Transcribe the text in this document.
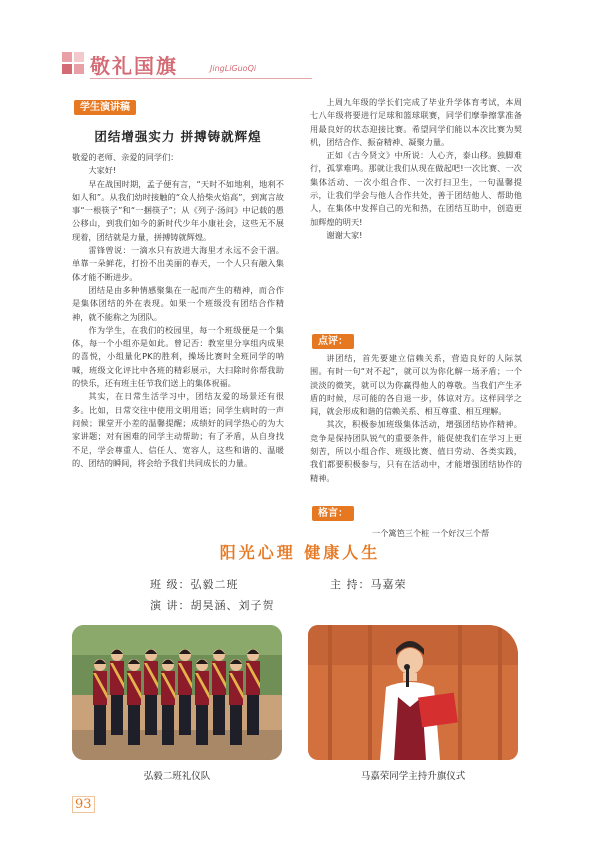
敬礼国旗	JingLiGuoQi
学生演讲稿
团结增强实力 拼搏铸就辉煌

敬爱的老师、亲爱的同学们：

大家好!

早在战国时期，孟子便有言，“天时不如地利，地利不如人和”。从我们幼时接触的“众人拾柴火焰高”，到寓言故事“一根筷子”和“一捆筷子”；从《列子·汤问》中记载的愚公移山，到我们如今的新时代少年小康社会，这些无不展现着，团结就是力量，拼搏铸就辉煌。

雷锋曾说：一滴水只有放进大海里才永远不会干涸。单靠一朵鲜花，打扮不出美丽的春天，一个人只有融入集体才能不断进步。

团结是由多种情感聚集在一起而产生的精神，而合作是集体团结的外在表现。如果一个班级没有团结合作精神，就不能称之为团队。

作为学生，在我们的校园里，每一个班级便是一个集体，每一个小组亦是如此。曾记否：教室里分享组内成果的喜悦，小组量化PK的胜利，操场比赛时全班同学的呐喊，班级文化评比中各班的精彩展示，大扫除时你帮我助的快乐，还有班主任节我们送上的集体祝福。

其实，在日常生活学习中，团结友爱的场景还有很多。比如，日常交往中使用文明用语；同学生病时的一声问候；课堂开小差的温馨提醒；成绩好的同学热心的为大家讲题；对有困难的同学主动帮助；有了矛盾，从自身找不足，学会尊重人、信任人、宽容人，这些和谐的、温暖的、团结的瞬间，将会给予我们共同成长的力量。

上周九年级的学长们完成了毕业升学体育考试，本周七八年级将要进行足球和篮球联赛，同学们摩拳擦掌准备用最良好的状态迎接比赛。希望同学们能以本次比赛为契机，团结合作、振奋精神、凝聚力量。

正如《古今贤文》中所说：人心齐，泰山移。独脚难行，孤掌难鸣。那就让我们从现在做起吧!一次比赛、一次集体活动、一次小组合作、一次打扫卫生，一句温馨提示，让我们学会与他人合作共处，善于团结他人、帮助他人，在集体中发挥自己的光和热，在团结互助中，创造更加辉煌的明天!

谢谢大家!

点评：

讲团结，首先要建立信赖关系，营造良好的人际氛围。有时一句“对不起”，就可以为你化解一场矛盾；一个淡淡的微笑，就可以为你赢得他人的尊敬。当我们产生矛盾的时候，尽可能的各自退一步，体谅对方。这样同学之间，就会形成和谐的信赖关系、相互尊重、相互理解。

其次，积极参加班级集体活动，增强团结协作精神。竞争是保持团队锐气的重要条件，能促使我们在学习上更刻苦，所以小组合作、班级比赛、值日劳动、各类实践，我们都要积极参与，只有在活动中，才能增强团结协作的精神。

格言：
一个篱笆三个桩 一个好汉三个帮
阳光心理 健康人生
班 级：弘毅二班	主 持：马嘉荣
演 讲：胡昊涵、刘子贺
弘毅二班礼仪队	马嘉荣同学主持升旗仪式
93
